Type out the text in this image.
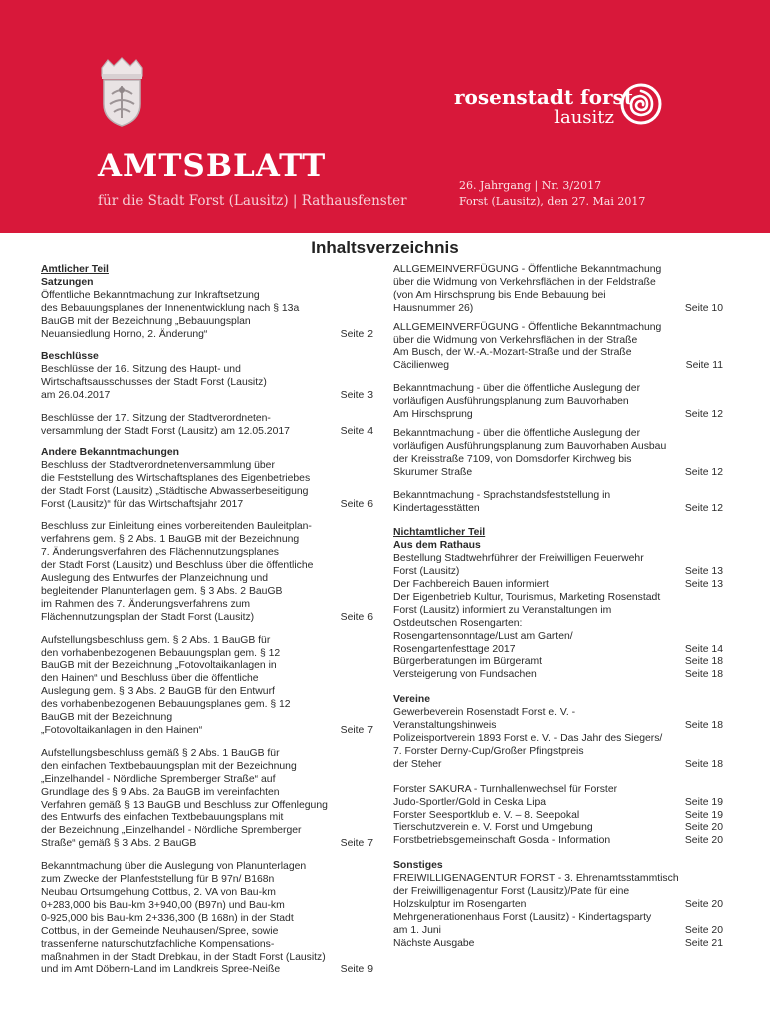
AMTSBLATT
für die Stadt Forst (Lausitz) | Rathausfenster
26. Jahrgang | Nr. 3/2017
Forst (Lausitz), den 27. Mai 2017
rosenstadt forst
lausitz
Inhaltsverzeichnis
Amtlicher Teil
Satzungen
Öffentliche Bekanntmachung zur Inkraftsetzung
des Bebauungsplanes der Innenentwicklung nach § 13a
BauGB mit der Bezeichnung „Bebauungsplan
Neuansiedlung Horno, 2. Änderung“	Seite 2
Beschlüsse
Beschlüsse der 16. Sitzung des Haupt- und
Wirtschaftsausschusses der Stadt Forst (Lausitz)
am 26.04.2017	Seite 3
Beschlüsse der 17. Sitzung der Stadtverordneten-
versammlung der Stadt Forst (Lausitz) am 12.05.2017	Seite 4
Andere Bekanntmachungen
Beschluss der Stadtverordnetenversammlung über
die Feststellung des Wirtschaftsplanes des Eigenbetriebes
der Stadt Forst (Lausitz) „Städtische Abwasserbeseitigung
Forst (Lausitz)“ für das Wirtschaftsjahr 2017	Seite 6
Beschluss zur Einleitung eines vorbereitenden Bauleitplan-
verfahrens gem. § 2 Abs. 1 BauGB mit der Bezeichnung
7. Änderungsverfahren des Flächennutzungsplanes
der Stadt Forst (Lausitz) und Beschluss über die öffentliche
Auslegung des Entwurfes der Planzeichnung und
begleitender Planunterlagen gem. § 3 Abs. 2 BauGB
im Rahmen des 7. Änderungsverfahrens zum
Flächennutzungsplan der Stadt Forst (Lausitz)	Seite 6
Aufstellungsbeschluss gem. § 2 Abs. 1 BauGB für
den vorhabenbezogenen Bebauungsplan gem. § 12
BauGB mit der Bezeichnung „Fotovoltaikanlagen in
den Hainen“ und Beschluss über die öffentliche
Auslegung gem. § 3 Abs. 2 BauGB für den Entwurf
des vorhabenbezogenen Bebauungsplanes gem. § 12
BauGB mit der Bezeichnung
„Fotovoltaikanlagen in den Hainen“	Seite 7
Aufstellungsbeschluss gemäß § 2 Abs. 1 BauGB für
den einfachen Textbebauungsplan mit der Bezeichnung
„Einzelhandel - Nördliche Spremberger Straße“ auf
Grundlage des § 9 Abs. 2a BauGB im vereinfachten
Verfahren gemäß § 13 BauGB und Beschluss zur Offenlegung
des Entwurfs des einfachen Textbebauungsplans mit
der Bezeichnung „Einzelhandel - Nördliche Spremberger
Straße“ gemäß § 3 Abs. 2 BauGB	Seite 7
Bekanntmachung über die Auslegung von Planunterlagen
zum Zwecke der Planfeststellung für B 97n/ B168n
Neubau Ortsumgehung Cottbus, 2. VA von Bau-km
0+283,000 bis Bau-km 3+940,00 (B97n) und Bau-km
0-925,000 bis Bau-km 2+336,300 (B 168n) in der Stadt
Cottbus, in der Gemeinde Neuhausen/Spree, sowie
trassenferne naturschutzfachliche Kompensations-
maßnahmen in der Stadt Drebkau, in der Stadt Forst (Lausitz)
und im Amt Döbern-Land im Landkreis Spree-Neiße	Seite 9
ALLGEMEINVERFÜGUNG - Öffentliche Bekanntmachung
über die Widmung von Verkehrsflächen in der Feldstraße
(von Am Hirschsprung bis Ende Bebauung bei
Hausnummer 26)	Seite 10
ALLGEMEINVERFÜGUNG - Öffentliche Bekanntmachung
über die Widmung von Verkehrsflächen in der Straße
Am Busch, der W.-A.-Mozart-Straße und der Straße
Cäcilienweg	Seite 11
Bekanntmachung - über die öffentliche Auslegung der
vorläufigen Ausführungsplanung zum Bauvorhaben
Am Hirschsprung	Seite 12
Bekanntmachung - über die öffentliche Auslegung der
vorläufigen Ausführungsplanung zum Bauvorhaben Ausbau
der Kreisstraße 7109, von Domsdorfer Kirchweg bis
Skurumer Straße	Seite 12
Bekanntmachung - Sprachstandsfeststellung in
Kindertagesstätten	Seite 12
Nichtamtlicher Teil
Aus dem Rathaus
Bestellung Stadtwehrführer der Freiwilligen Feuerwehr
Forst (Lausitz)	Seite 13
Der Fachbereich Bauen informiert	Seite 13
Der Eigenbetrieb Kultur, Tourismus, Marketing Rosenstadt
Forst (Lausitz) informiert zu Veranstaltungen im
Ostdeutschen Rosengarten:
Rosengartensonntage/Lust am Garten/
Rosengartenfesttage 2017	Seite 14
Bürgerberatungen im Bürgeramt	Seite 18
Versteigerung von Fundsachen	Seite 18
Vereine
Gewerbeverein Rosenstadt Forst e. V. -
Veranstaltungshinweis	Seite 18
Polizeisportverein 1893 Forst e. V. - Das Jahr des Siegers/
7. Forster Derny-Cup/Großer Pfingstpreis
der Steher	Seite 18
Forster SAKURA - Turnhallenwechsel für Forster
Judo-Sportler/Gold in Ceska Lipa	Seite 19
Forster Seesportklub e. V. – 8. Seepokal	Seite 19
Tierschutzverein e. V. Forst und Umgebung	Seite 20
Forstbetriebsgemeinschaft Gosda - Information	Seite 20
Sonstiges
FREIWILLIGENAGENTUR FORST - 3. Ehrenamtsstammtisch
der Freiwilligenagentur Forst (Lausitz)/Pate für eine
Holzskulptur im Rosengarten	Seite 20
Mehrgenerationenhaus Forst (Lausitz) - Kindertagsparty
am 1. Juni	Seite 20
Nächste Ausgabe	Seite 21
